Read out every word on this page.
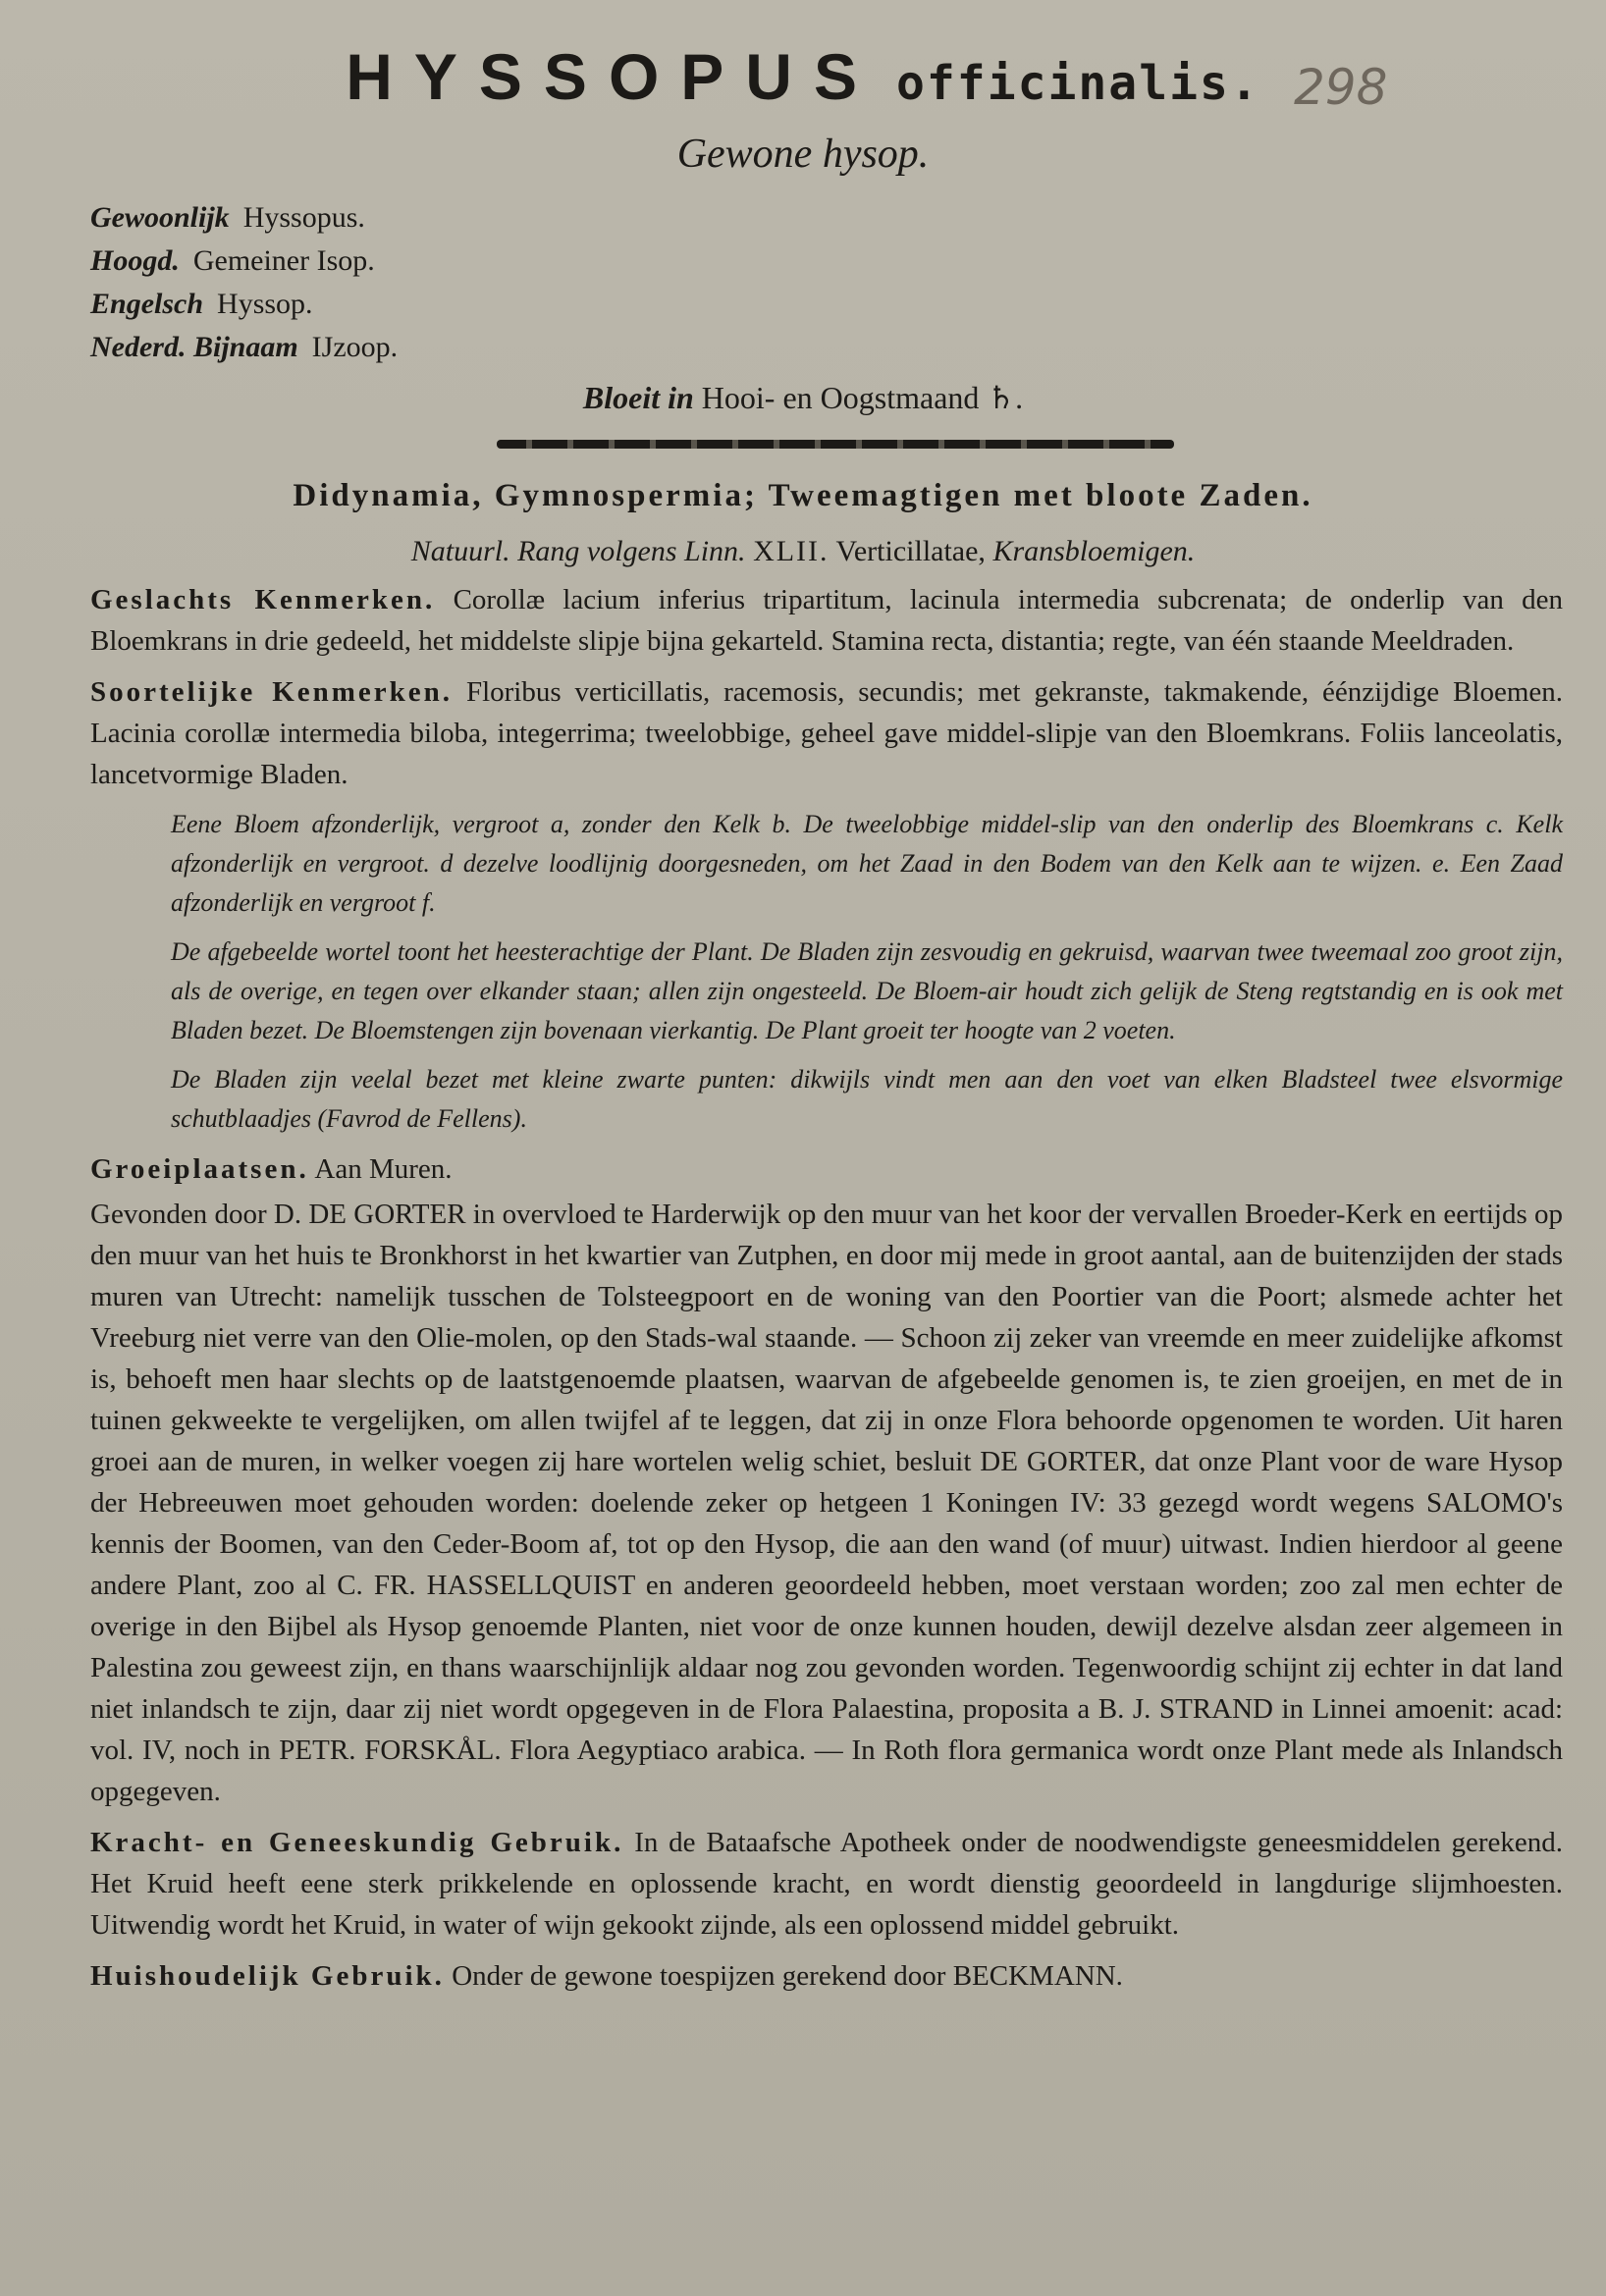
HYSSOPUS officinalis. 298
Gewone hysop.
Gewoonlijk Hyssopus.
Hoogd. Gemeiner Isop.
Engelsch Hyssop.
Nederd. Bijnaam IJzoop.
Bloeit in Hooi- en Oogstmaand ♄.
Didynamia, Gymnospermia; Tweemagtigen met bloote Zaden.
Natuurl. Rang volgens Linn. XLII. Verticillatae, Kransbloemigen.

Geslachts Kenmerken. Corollæ lacium inferius tripartitum, lacinula intermedia subcrenata; de onderlip van den Bloemkrans in drie gedeeld, het middelste slipje bijna gekarteld. Stamina recta, distantia; regte, van één staande Meeldraden.

Soortelijke Kenmerken. Floribus verticillatis, racemosis, secundis; met gekranste, takmakende, éénzijdige Bloemen. Lacinia corollæ intermedia biloba, integerrima; tweelobbige, geheel gave middel-slipje van den Bloemkrans. Foliis lanceolatis, lancetvormige Bladen.

Eene Bloem afzonderlijk, vergroot a, zonder den Kelk b. De tweelobbige middel-slip van den onderlip des Bloemkrans c. Kelk afzonderlijk en vergroot. d dezelve loodlijnig doorgesneden, om het Zaad in den Bodem van den Kelk aan te wijzen. e. Een Zaad afzonderlijk en vergroot f.

De afgebeelde wortel toont het heesterachtige der Plant. De Bladen zijn zesvoudig en gekruisd, waarvan twee tweemaal zoo groot zijn, als de overige, en tegen over elkander staan; allen zijn ongesteeld. De Bloem-air houdt zich gelijk de Steng regtstandig en is ook met Bladen bezet. De Bloemstengen zijn bovenaan vierkantig. De Plant groeit ter hoogte van 2 voeten.

De Bladen zijn veelal bezet met kleine zwarte punten: dikwijls vindt men aan den voet van elken Bladsteel twee elsvormige schutblaadjes (Favrod de Fellens).

Groeiplaatsen. Aan Muren.

Gevonden door D. DE GORTER in overvloed te Harderwijk op den muur van het koor der vervallen Broeder-Kerk en eertijds op den muur van het huis te Bronkhorst in het kwartier van Zutphen, en door mij mede in groot aantal, aan de buitenzijden der stads muren van Utrecht: namelijk tusschen de Tolsteegpoort en de woning van den Poortier van die Poort; alsmede achter het Vreeburg niet verre van den Olie-molen, op den Stads-wal staande. — Schoon zij zeker van vreemde en meer zuidelijke afkomst is, behoeft men haar slechts op de laatstgenoemde plaatsen, waarvan de afgebeelde genomen is, te zien groeijen, en met de in tuinen gekweekte te vergelijken, om allen twijfel af te leggen, dat zij in onze Flora behoorde opgenomen te worden. Uit haren groei aan de muren, in welker voegen zij hare wortelen welig schiet, besluit DE GORTER, dat onze Plant voor de ware Hysop der Hebreeuwen moet gehouden worden: doelende zeker op hetgeen 1 Koningen IV: 33 gezegd wordt wegens SALOMO's kennis der Boomen, van den Ceder-Boom af, tot op den Hysop, die aan den wand (of muur) uitwast. Indien hierdoor al geene andere Plant, zoo al C. FR. HASSELLQUIST en anderen geoordeeld hebben, moet verstaan worden; zoo zal men echter de overige in den Bijbel als Hysop genoemde Planten, niet voor de onze kunnen houden, dewijl dezelve alsdan zeer algemeen in Palestina zou geweest zijn, en thans waarschijnlijk aldaar nog zou gevonden worden. Tegenwoordig schijnt zij echter in dat land niet inlandsch te zijn, daar zij niet wordt opgegeven in de Flora Palaestina, proposita a B. J. STRAND in Linnei amoenit: acad: vol. IV, noch in PETR. FORSKÅL. Flora Aegyptiaco arabica. — In Roth flora germanica wordt onze Plant mede als Inlandsch opgegeven.

Kracht- en Geneeskundig Gebruik. In de Bataafsche Apotheek onder de noodwendigste geneesmiddelen gerekend. Het Kruid heeft eene sterk prikkelende en oplossende kracht, en wordt dienstig geoordeeld in langdurige slijmhoesten. Uitwendig wordt het Kruid, in water of wijn gekookt zijnde, als een oplossend middel gebruikt.

Huishoudelijk Gebruik. Onder de gewone toespijzen gerekend door BECKMANN.
